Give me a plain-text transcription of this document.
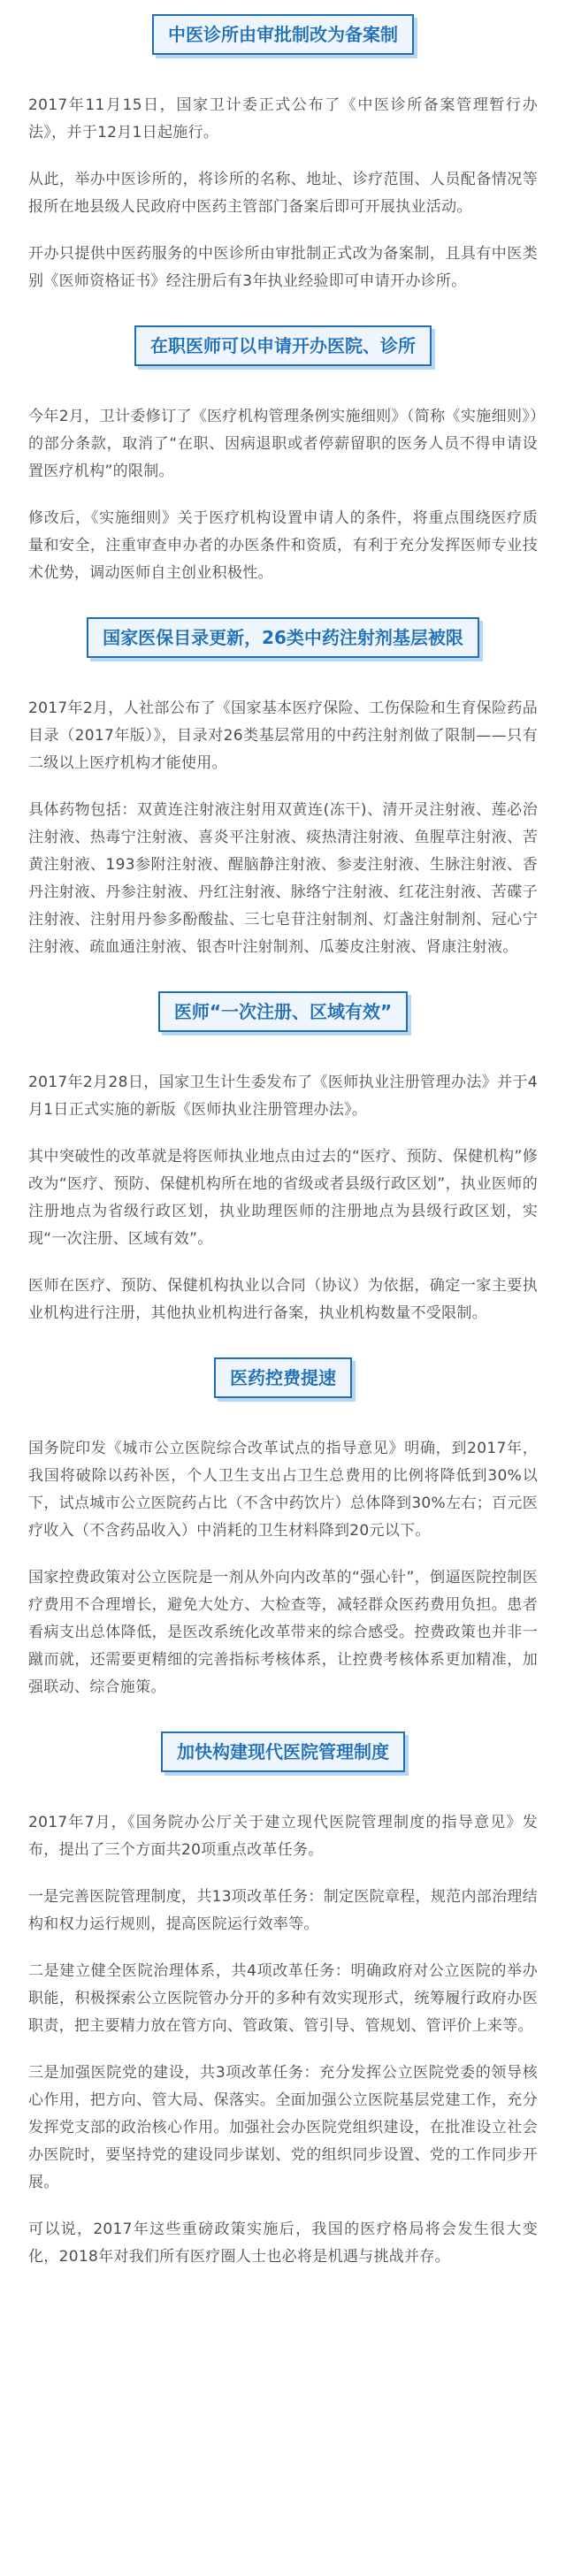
中医诊所由审批制改为备案制

2017年11月15日，国家卫计委正式公布了《中医诊所备案管理暂行办法》，并于12月1日起施行。

从此，举办中医诊所的，将诊所的名称、地址、诊疗范围、人员配备情况等报所在地县级人民政府中医药主管部门备案后即可开展执业活动。

开办只提供中医药服务的中医诊所由审批制正式改为备案制，且具有中医类别《医师资格证书》经注册后有3年执业经验即可申请开办诊所。

在职医师可以申请开办医院、诊所

今年2月，卫计委修订了《医疗机构管理条例实施细则》（简称《实施细则》）的部分条款，取消了“在职、因病退职或者停薪留职的医务人员不得申请设置医疗机构”的限制。

修改后，《实施细则》关于医疗机构设置申请人的条件，将重点围绕医疗质量和安全，注重审查申办者的办医条件和资质，有利于充分发挥医师专业技术优势，调动医师自主创业积极性。

国家医保目录更新，26类中药注射剂基层被限

2017年2月，人社部公布了《国家基本医疗保险、工伤保险和生育保险药品目录（2017年版）》，目录对26类基层常用的中药注射剂做了限制——只有二级以上医疗机构才能使用。

具体药物包括：双黄连注射液注射用双黄连(冻干)、清开灵注射液、莲必治注射液、热毒宁注射液、喜炎平注射液、痰热清注射液、鱼腥草注射液、苦黄注射液、193参附注射液、醒脑静注射液、参麦注射液、生脉注射液、香丹注射液、丹参注射液、丹红注射液、脉络宁注射液、红花注射液、苦碟子注射液、注射用丹参多酚酸盐、三七皂苷注射制剂、灯盏注射制剂、冠心宁注射液、疏血通注射液、银杏叶注射制剂、瓜蒌皮注射液、肾康注射液。

医师“一次注册、区域有效”

2017年2月28日，国家卫生计生委发布了《医师执业注册管理办法》并于4月1日正式实施的新版《医师执业注册管理办法》。

其中突破性的改革就是将医师执业地点由过去的“医疗、预防、保健机构”修改为“医疗、预防、保健机构所在地的省级或者县级行政区划”，执业医师的注册地点为省级行政区划，执业助理医师的注册地点为县级行政区划，实现“一次注册、区域有效”。

医师在医疗、预防、保健机构执业以合同（协议）为依据，确定一家主要执业机构进行注册，其他执业机构进行备案，执业机构数量不受限制。

医药控费提速

国务院印发《城市公立医院综合改革试点的指导意见》明确，到2017年，我国将破除以药补医，个人卫生支出占卫生总费用的比例将降低到30%以下，试点城市公立医院药占比（不含中药饮片）总体降到30%左右；百元医疗收入（不含药品收入）中消耗的卫生材料降到20元以下。

国家控费政策对公立医院是一剂从外向内改革的“强心针”，倒逼医院控制医疗费用不合理增长，避免大处方、大检查等，减轻群众医药费用负担。患者看病支出总体降低，是医改系统化改革带来的综合感受。控费政策也并非一蹴而就，还需要更精细的完善指标考核体系，让控费考核体系更加精准，加强联动、综合施策。

加快构建现代医院管理制度

2017年7月，《国务院办公厅关于建立现代医院管理制度的指导意见》发布，提出了三个方面共20项重点改革任务。

一是完善医院管理制度，共13项改革任务：制定医院章程，规范内部治理结构和权力运行规则，提高医院运行效率等。

二是建立健全医院治理体系，共4项改革任务：明确政府对公立医院的举办职能，积极探索公立医院管办分开的多种有效实现形式，统筹履行政府办医职责，把主要精力放在管方向、管政策、管引导、管规划、管评价上来等。

三是加强医院党的建设，共3项改革任务：充分发挥公立医院党委的领导核心作用，把方向、管大局、保落实。全面加强公立医院基层党建工作，充分发挥党支部的政治核心作用。加强社会办医院党组织建设，在批准设立社会办医院时，要坚持党的建设同步谋划、党的组织同步设置、党的工作同步开展。

可以说，2017年这些重磅政策实施后，我国的医疗格局将会发生很大变化，2018年对我们所有医疗圈人士也必将是机遇与挑战并存。
